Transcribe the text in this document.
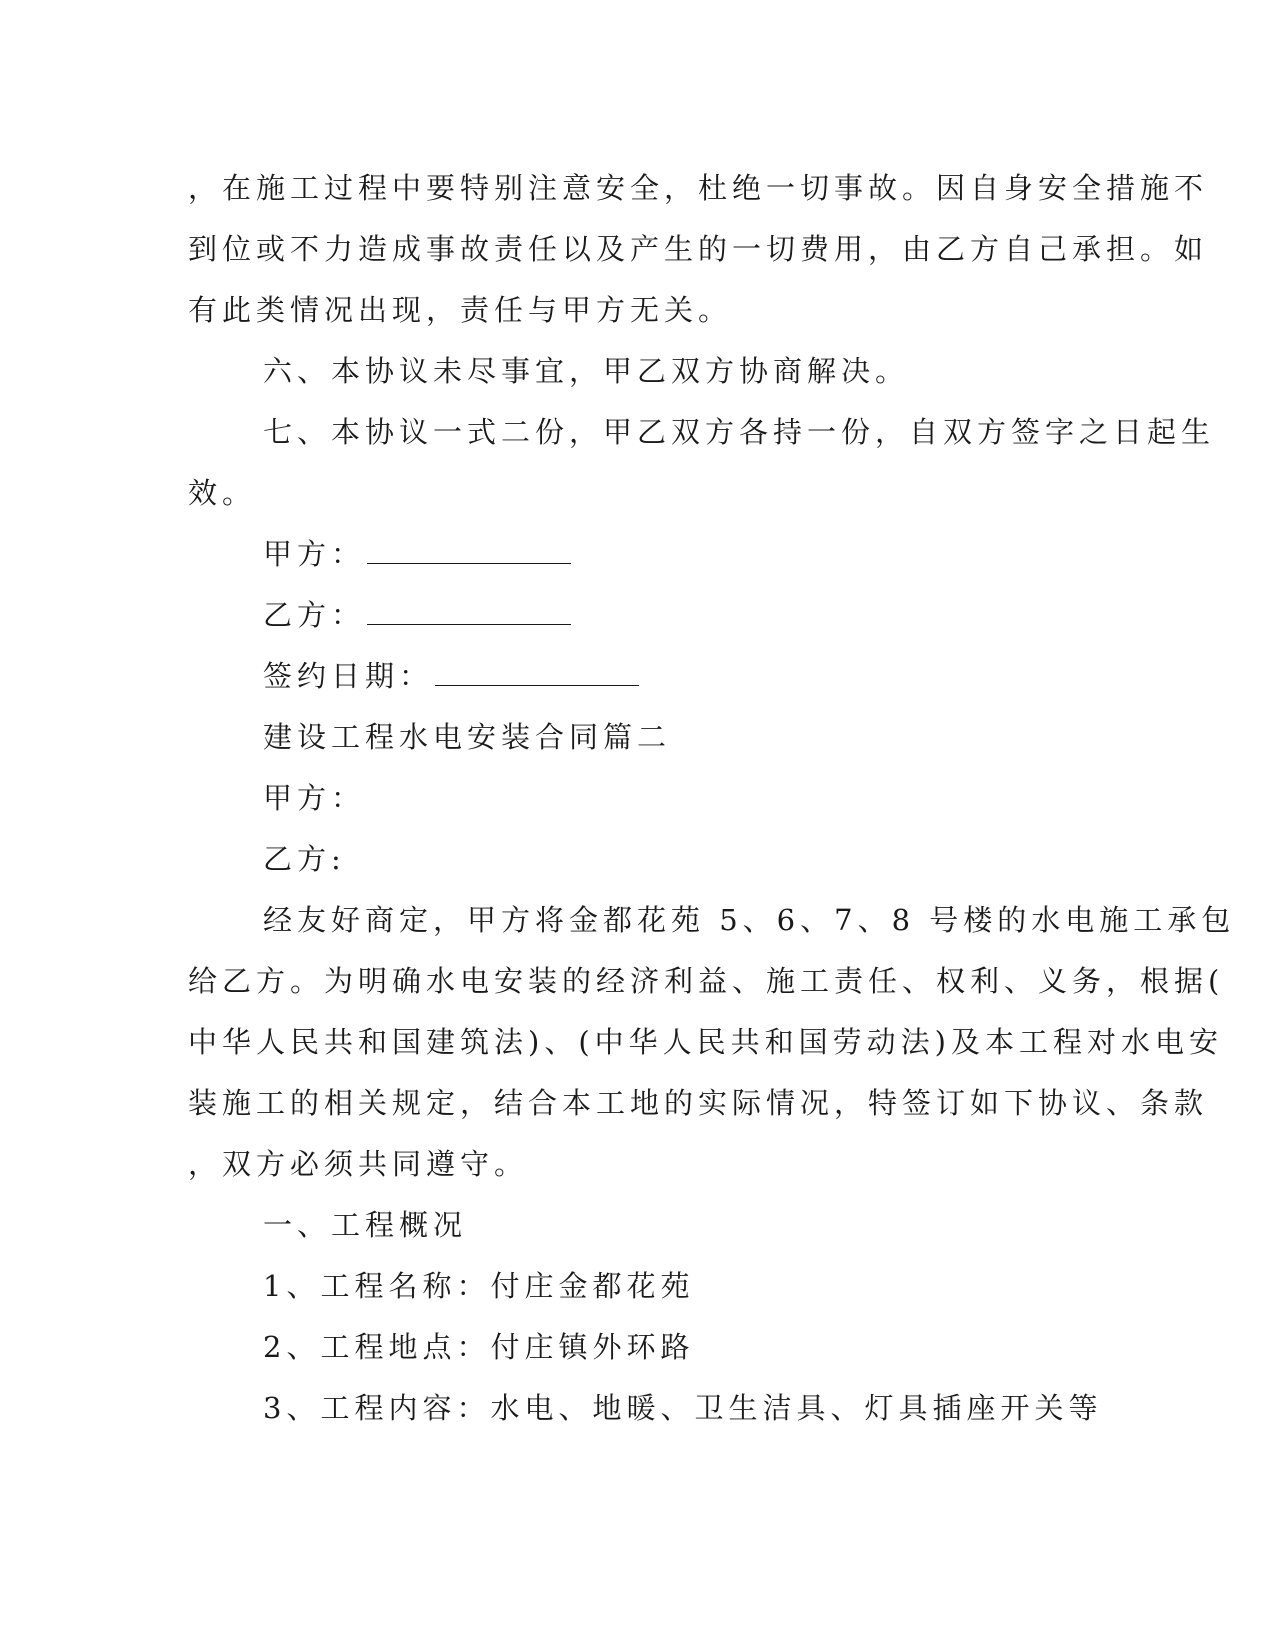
，在施工过程中要特别注意安全，杜绝一切事故。因自身安全措施不
到位或不力造成事故责任以及产生的一切费用，由乙方自己承担。如
有此类情况出现，责任与甲方无关。
六、本协议未尽事宜，甲乙双方协商解决。
七、本协议一式二份，甲乙双方各持一份，自双方签字之日起生
效。
甲方：
乙方：
签约日期：
建设工程水电安装合同篇二
甲方：
乙方:
经友好商定，甲方将金都花苑 5、6、7、8 号楼的水电施工承包
给乙方。为明确水电安装的经济利益、施工责任、权利、义务，根据(
中华人民共和国建筑法)、(中华人民共和国劳动法)及本工程对水电安
装施工的相关规定，结合本工地的实际情况，特签订如下协议、条款
，双方必须共同遵守。
一、工程概况
1、工程名称：付庄金都花苑
2、工程地点：付庄镇外环路
3、工程内容：水电、地暖、卫生洁具、灯具插座开关等
